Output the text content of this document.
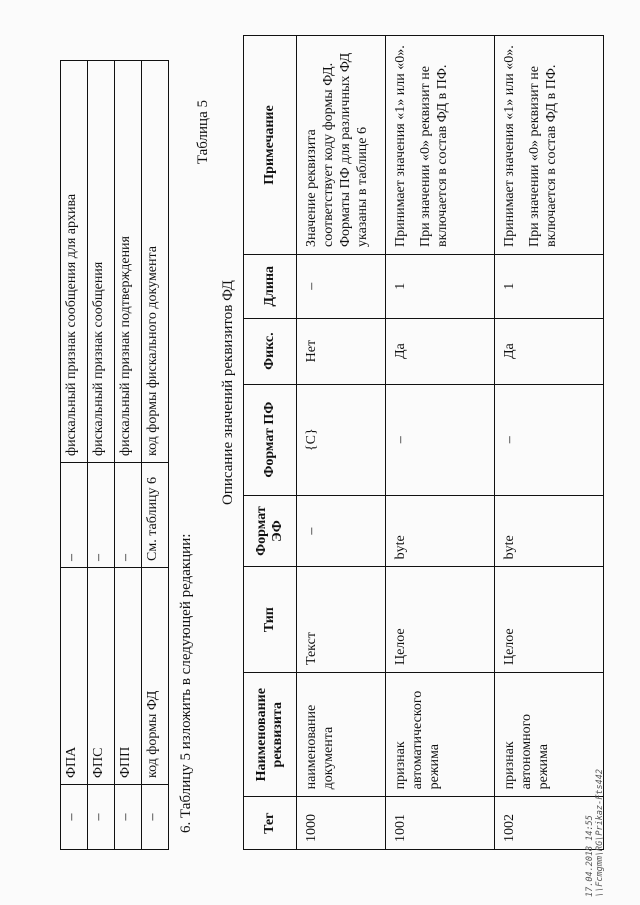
–	ФПА	–	фискальный признак сообщения для архива
–	ФПС	–	фискальный признак сообщения
–	ФПП	–	фискальный признак подтверждения
–	код формы ФД	См. таблицу 6	код формы фискального документа
6. Таблицу 5 изложить в следующей редакции:
Таблица 5
Описание значений реквизитов ФД
Тег	Наименование реквизита	Тип	Формат ЭФ	Формат ПФ	Фикс.	Длина	Примечание
1000	наименование документа	Текст	–	{C}	Нет	–	Значение реквизита соответствует коду формы ФД. Форматы ПФ для различных ФД указаны в таблице 6

1001	признак автоматического режима	Целое	byte	–	Да	1	Принимает значения «1» или «0». При значении «0» реквизит не включается в состав ФД в ПФ.

1002	признак автономного режима	Целое	byte	–	Да	1	Принимает значения «1» или «0». При значении «0» реквизит не включается в состав ФД в ПФ.
17.04.2018 14:55 \\Fcmgmm\RG\Prikaz-Fts442
